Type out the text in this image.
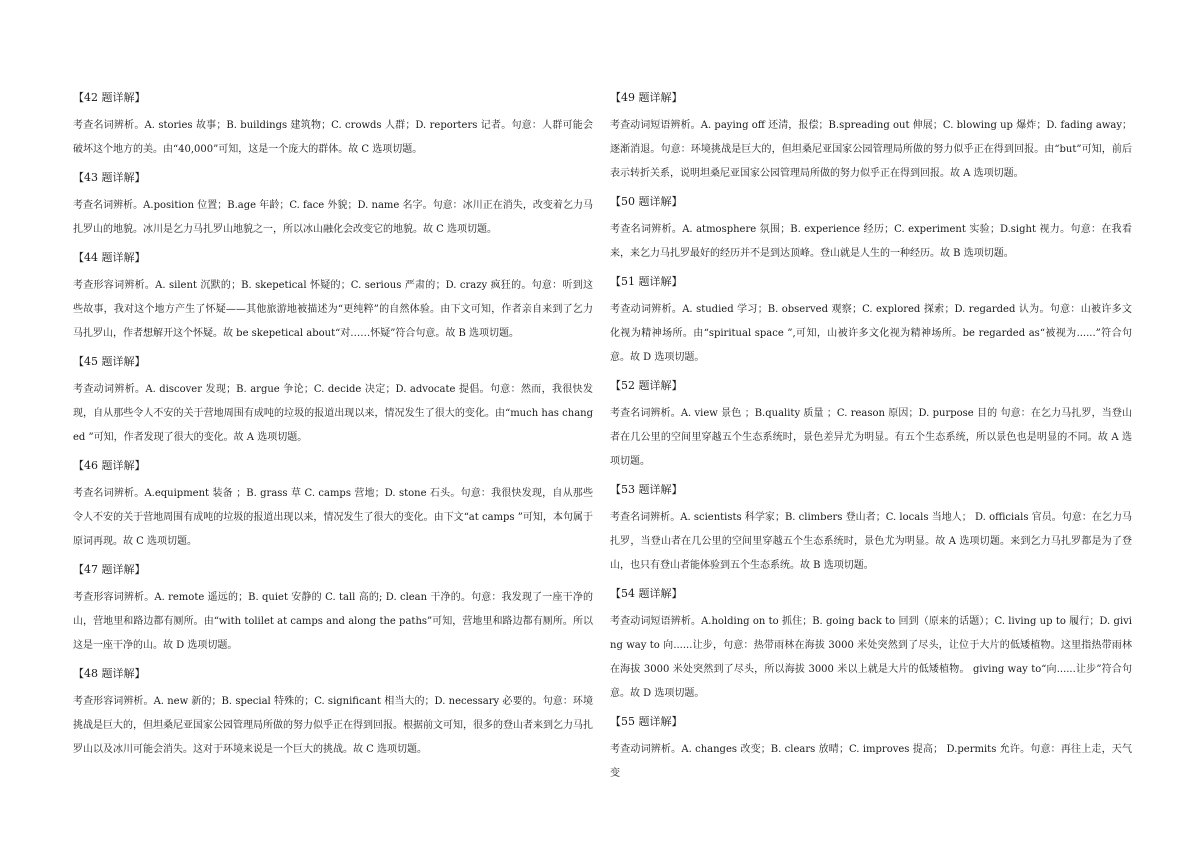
【42 题详解】

考查名词辨析。A. stories 故事；B. buildings 建筑物；C. crowds 人群；D. reporters 记者。句意：人群可能会破坏这个地方的美。由“40,000”可知，这是一个庞大的群体。故 C 选项切题。

【43 题详解】

考查名词辨析。A.position 位置；B.age 年龄；C. face 外貌；D. name 名字。句意：冰川正在消失，改变着乞力马扎罗山的地貌。冰川是乞力马扎罗山地貌之一，所以冰山融化会改变它的地貌。故 C 选项切题。

【44 题详解】

考查形容词辨析。A. silent 沉默的；B. skepetical 怀疑的；C. serious 严肃的；D. crazy 疯狂的。句意：听到这些故事，我对这个地方产生了怀疑——其他旅游地被描述为“更纯粹”的自然体验。由下文可知，作者亲自来到了乞力马扎罗山，作者想解开这个怀疑。故 be skepetical about“对……怀疑”符合句意。故 B 选项切题。

【45 题详解】

考查动词辨析。A. discover 发现；B. argue 争论；C. decide 决定；D. advocate 提倡。句意：然而，我很快发现，自从那些令人不安的关于营地周围有成吨的垃圾的报道出现以来，情况发生了很大的变化。由“much has changed ”可知，作者发现了很大的变化。故 A 选项切题。

【46 题详解】

考查名词辨析。A.equipment 装备 ；B. grass 草 C. camps 营地；D. stone 石头。句意：我很快发现，自从那些令人不安的关于营地周围有成吨的垃圾的报道出现以来，情况发生了很大的变化。由下文“at camps ”可知，本句属于原词再现。故 C 选项切题。

【47 题详解】

考查形容词辨析。A. remote 遥远的；B. quiet 安静的 C. tall 高的; D. clean 干净的。句意：我发现了一座干净的山，营地里和路边都有厕所。由“with tolilet at camps and along the paths”可知，营地里和路边都有厕所。所以这是一座干净的山。故 D 选项切题。

【48 题详解】

考查形容词辨析。A. new 新的；B. special 特殊的；C. significant 相当大的；D. necessary 必要的。句意：环境挑战是巨大的，但坦桑尼亚国家公园管理局所做的努力似乎正在得到回报。根据前文可知，很多的登山者来到乞力马扎罗山以及冰川可能会消失。这对于环境来说是一个巨大的挑战。故 C 选项切题。

【49 题详解】

考查动词短语辨析。A. paying off 还清，报偿；B.spreading out 伸展；C. blowing up 爆炸；D. fading away；逐渐消退。句意：环境挑战是巨大的，但坦桑尼亚国家公园管理局所做的努力似乎正在得到回报。由“but”可知，前后表示转折关系，说明坦桑尼亚国家公园管理局所做的努力似乎正在得到回报。故 A 选项切题。

【50 题详解】

考查名词辨析。A. atmosphere 氛围；B. experience 经历；C. experiment 实验；D.sight 视力。句意：在我看来，来乞力马扎罗最好的经历并不是到达顶峰。登山就是人生的一种经历。故 B 选项切题。

【51 题详解】

考查动词辨析。A. studied 学习；B. observed 观察；C. explored 探索；D. regarded 认为。句意：山被许多文化视为精神场所。由“spiritual space ”,可知，山被许多文化视为精神场所。be regarded as“被视为......”符合句意。故 D 选项切题。

【52 题详解】

考查名词辨析。A. view 景色 ；B.quality 质量 ；C. reason 原因；D. purpose 目的 句意：在乞力马扎罗，当登山者在几公里的空间里穿越五个生态系统时，景色差异尤为明显。有五个生态系统，所以景色也是明显的不同。故 A 选项切题。

【53 题详解】

考查名词辨析。A. scientists 科学家；B. climbers 登山者；C. locals 当地人； D. officials 官员。句意：在乞力马扎罗，当登山者在几公里的空间里穿越五个生态系统时，景色尤为明显。故 A 选项切题。来到乞力马扎罗都是为了登山，也只有登山者能体验到五个生态系统。故 B 选项切题。

【54 题详解】

考查动词短语辨析。A.holding on to 抓住；B. going back to 回到（原来的话题）；C. living up to 履行；D. giving way to 向......让步，句意：热带雨林在海拔 3000 米处突然到了尽头，让位于大片的低矮植物。这里指热带雨林在海拔 3000 米处突然到了尽头，所以海拔 3000 米以上就是大片的低矮植物。 giving way to“向......让步”符合句意。故 D 选项切题。

【55 题详解】

考查动词辨析。A. changes 改变；B. clears 放晴；C. improves 提高； D.permits 允许。句意：再往上走，天气变
